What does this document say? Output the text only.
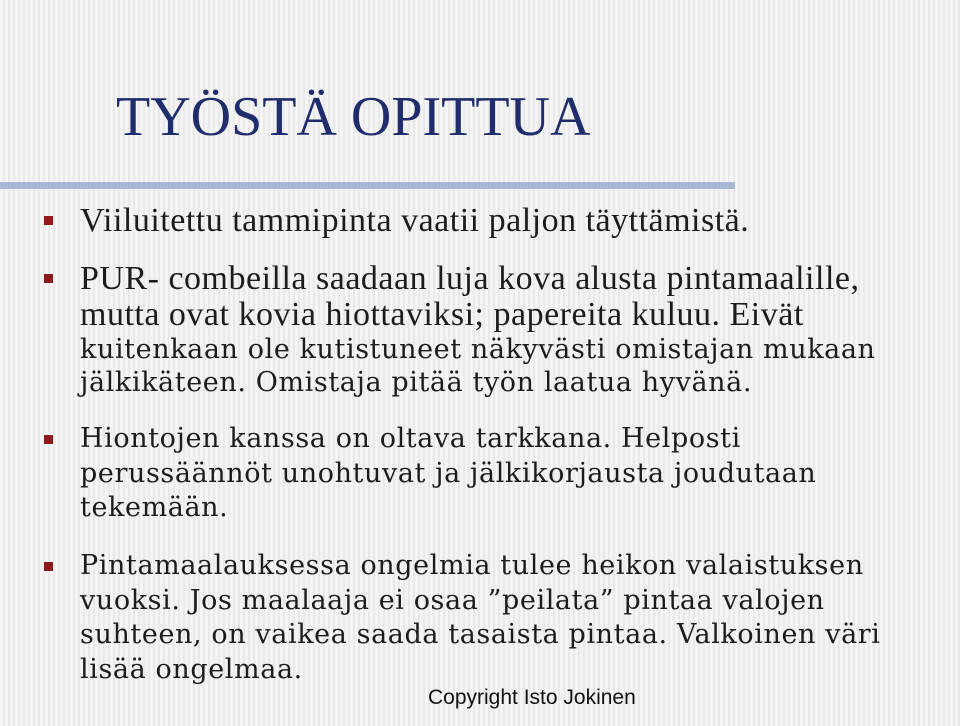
TYÖSTÄ OPITTUA
Viiluitettu tammipinta vaatii paljon täyttämistä.
PUR- combeilla saadaan luja kova alusta pintamaalille,
mutta ovat kovia hiottaviksi; papereita kuluu. Eivät
kuitenkaan ole kutistuneet näkyvästi omistajan mukaan
jälkikäteen. Omistaja pitää työn laatua hyvänä.
Hiontojen kanssa on oltava tarkkana. Helposti
perussäännöt unohtuvat ja jälkikorjausta joudutaan
tekemään.
Pintamaalauksessa ongelmia tulee heikon valaistuksen
vuoksi. Jos maalaaja ei osaa ”peilata” pintaa valojen
suhteen, on vaikea saada tasaista pintaa. Valkoinen väri
lisää ongelmaa.
Copyright Isto Jokinen
